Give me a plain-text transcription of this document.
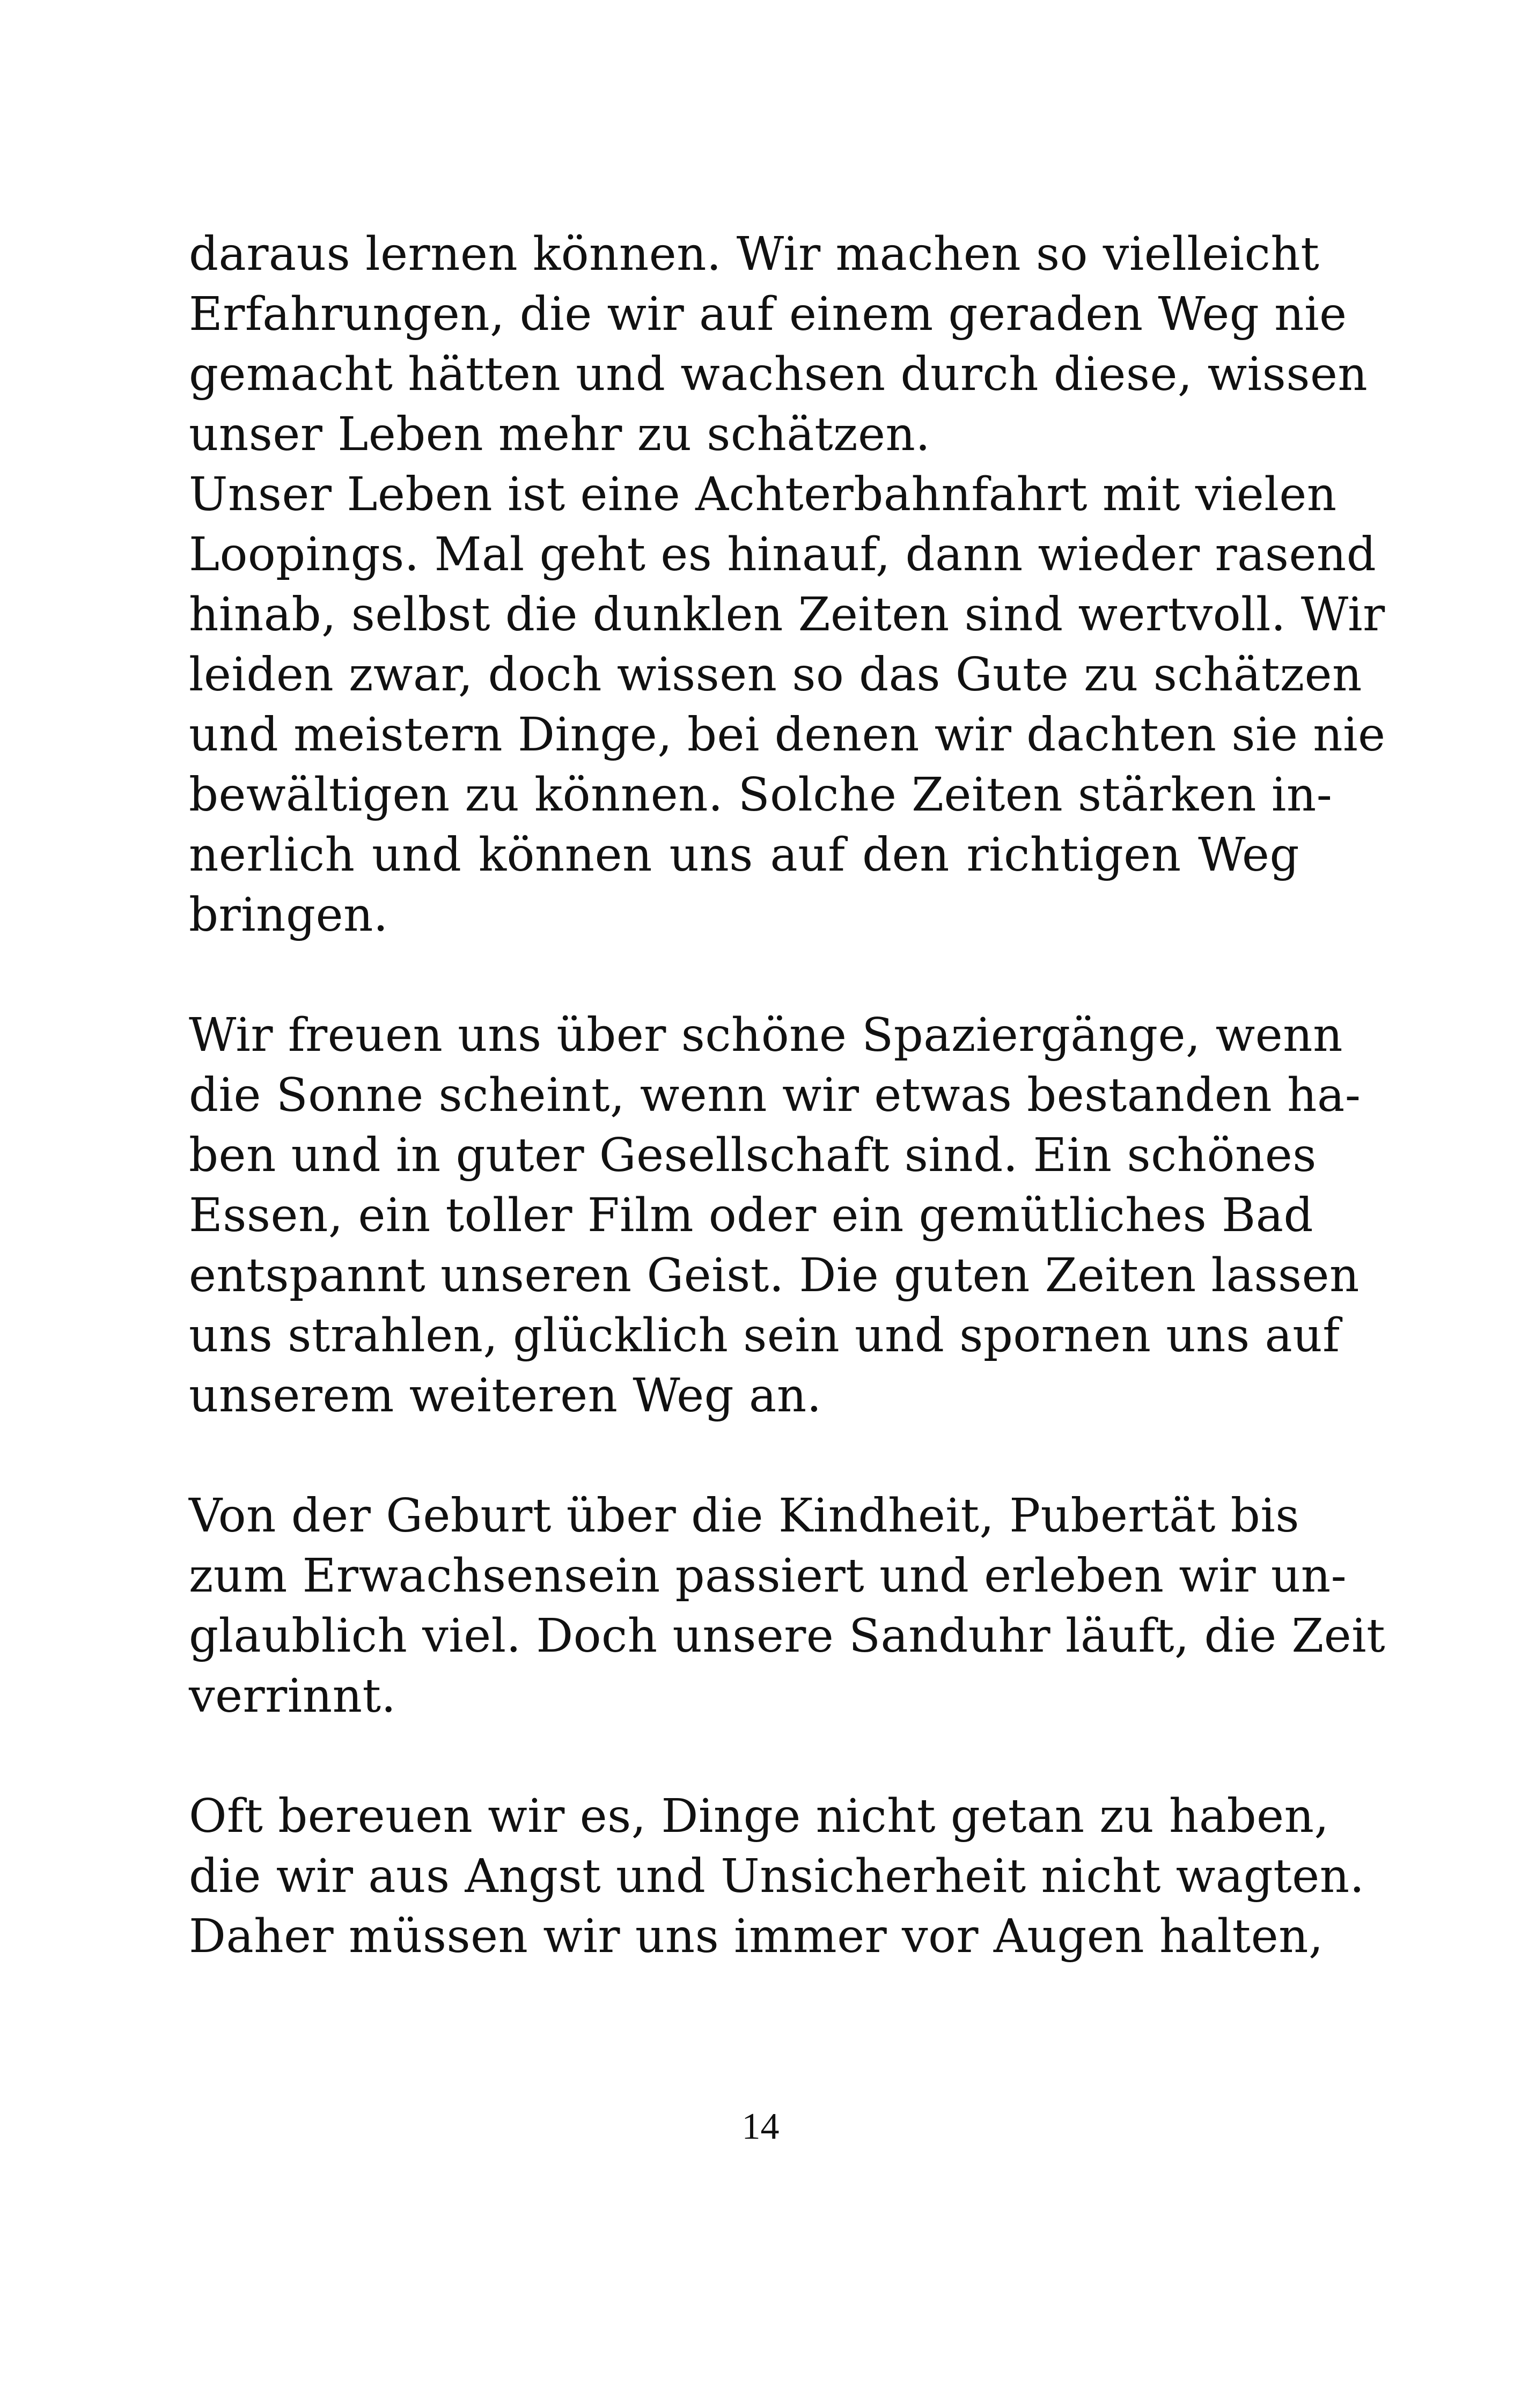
daraus lernen können. Wir machen so vielleicht
Erfahrungen, die wir auf einem geraden Weg nie
gemacht hätten und wachsen durch diese, wissen
unser Leben mehr zu schätzen.
Unser Leben ist eine Achterbahnfahrt mit vielen
Loopings. Mal geht es hinauf, dann wieder rasend
hinab, selbst die dunklen Zeiten sind wertvoll. Wir
leiden zwar, doch wissen so das Gute zu schätzen
und meistern Dinge, bei denen wir dachten sie nie
bewältigen zu können. Solche Zeiten stärken in-
nerlich und können uns auf den richtigen Weg
bringen.
Wir freuen uns über schöne Spaziergänge, wenn
die Sonne scheint, wenn wir etwas bestanden ha-
ben und in guter Gesellschaft sind. Ein schönes
Essen, ein toller Film oder ein gemütliches Bad
entspannt unseren Geist. Die guten Zeiten lassen
uns strahlen, glücklich sein und spornen uns auf
unserem weiteren Weg an.
Von der Geburt über die Kindheit, Pubertät bis
zum Erwachsensein passiert und erleben wir un-
glaublich viel. Doch unsere Sanduhr läuft, die Zeit
verrinnt.
Oft bereuen wir es, Dinge nicht getan zu haben,
die wir aus Angst und Unsicherheit nicht wagten.
Daher müssen wir uns immer vor Augen halten,
14
